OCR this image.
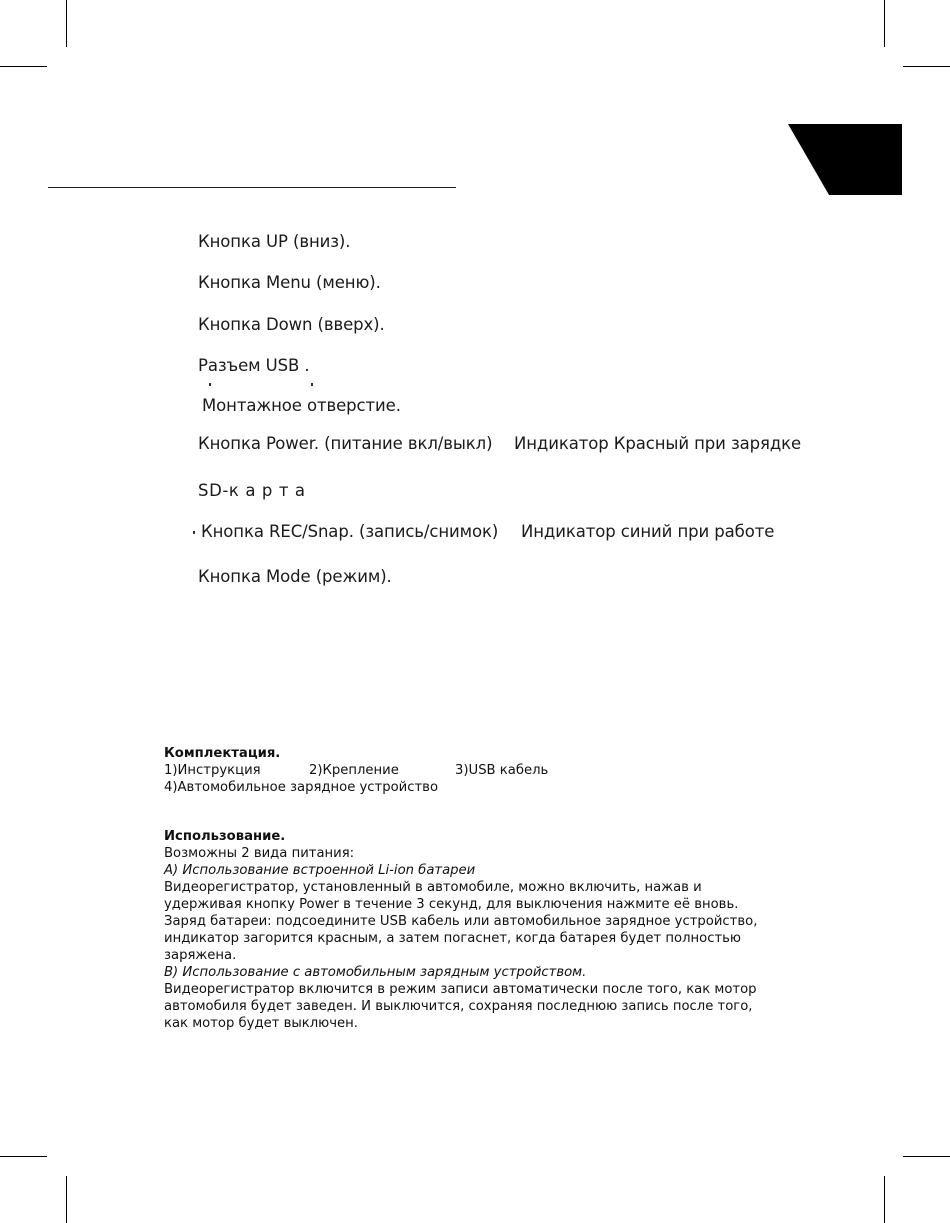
Кнопка UP (вниз).
Кнопка Menu (меню).
Кнопка Down (вверх).
Разъем USB .
Монтажное отверстие.
Кнопка Power. (питание вкл/выкл) Индикатор Красный при зарядке
SD-к а р т а
Кнопка REC/Snap. (запись/снимок) Индикатор синий при работе
Кнопка Mode (режим).

Комплектация.

1)Инструкция	2)Крепление	3)USB кабель

4)Автомобильное зарядное устройство

Использование.

Возможны 2 вида питания:

А) Использование встроенной Li-ion батареи

Видеорегистратор, установленный в автомобиле, можно включить, нажав и

удерживая кнопку Power в течение 3 секунд, для выключения нажмите её вновь.

Заряд батареи: подсоедините USB кабель или автомобильное зарядное устройство,

индикатор загорится красным, а затем погаснет, когда батарея будет полностью

заряжена.

В) Использование с автомобильным зарядным устройством.

Видеорегистратор включится в режим записи автоматически после того, как мотор

автомобиля будет заведен. И выключится, сохраняя последнюю запись после того,

как мотор будет выключен.
